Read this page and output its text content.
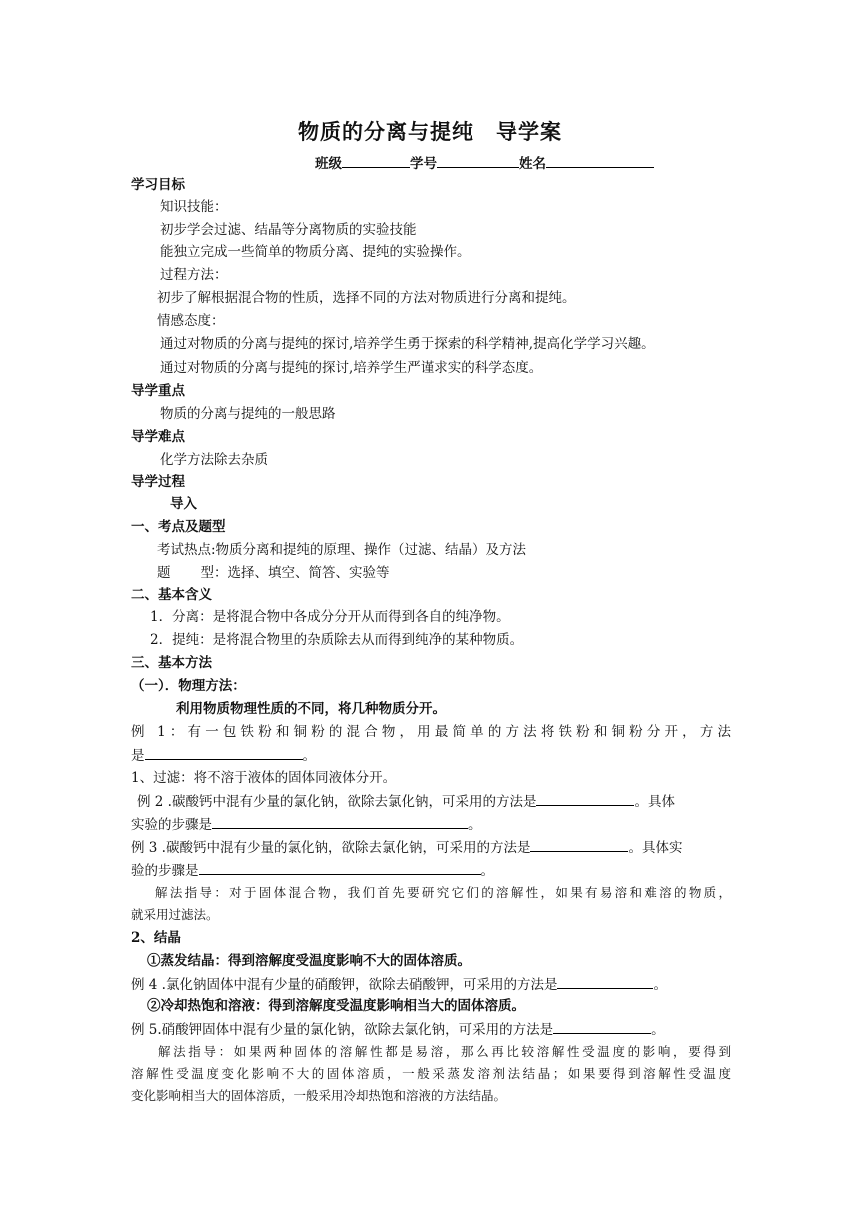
物质的分离与提纯　导学案
班级	学号	姓名
学习目标
知识技能：
初步学会过滤、结晶等分离物质的实验技能
能独立完成一些简单的物质分离、提纯的实验操作。
过程方法：
初步了解根据混合物的性质，选择不同的方法对物质进行分离和提纯。
情感态度：
通过对物质的分离与提纯的探讨,培养学生勇于探索的科学精神,提高化学学习兴趣。
通过对物质的分离与提纯的探讨,培养学生严谨求实的科学态度。
导学重点
物质的分离与提纯的一般思路
导学难点
化学方法除去杂质
导学过程
导入
一、考点及题型
考试热点:物质分离和提纯的原理、操作（过滤、结晶）及方法
题 型：选择、填空、简答、实验等
二、基本含义
1．分离：是将混合物中各成分分开从而得到各自的纯净物。
2．提纯：是将混合物里的杂质除去从而得到纯净的某种物质。
三、基本方法
（一）．物理方法：
利用物质物理性质的不同，将几种物质分开。
例 1：有一包铁粉和铜粉的混合物，用最简单的方法将铁粉和铜粉分开，方法
是	。
1、过滤：将不溶于液体的固体同液体分开。
例 2 .碳酸钙中混有少量的氯化钠，欲除去氯化钠，可采用的方法是	。具体
实验的步骤是	。
例 3 .碳酸钙中混有少量的氯化钠，欲除去氯化钠，可采用的方法是	。具体实
验的步骤是	。
解法指导：对于固体混合物，我们首先要研究它们的溶解性，如果有易溶和难溶的物质，
就采用过滤法。
2、结晶
①蒸发结晶：得到溶解度受温度影响不大的固体溶质。
例 4 .氯化钠固体中混有少量的硝酸钾，欲除去硝酸钾，可采用的方法是	。
②冷却热饱和溶液：得到溶解度受温度影响相当大的固体溶质。
例 5.硝酸钾固体中混有少量的氯化钠，欲除去氯化钠，可采用的方法是	。
解法指导：如果两种固体的溶解性都是易溶，那么再比较溶解性受温度的影响，要得到
溶解性受温度变化影响不大的固体溶质，一般采蒸发溶剂法结晶；如果要得到溶解性受温度
变化影响相当大的固体溶质，一般采用冷却热饱和溶液的方法结晶。
